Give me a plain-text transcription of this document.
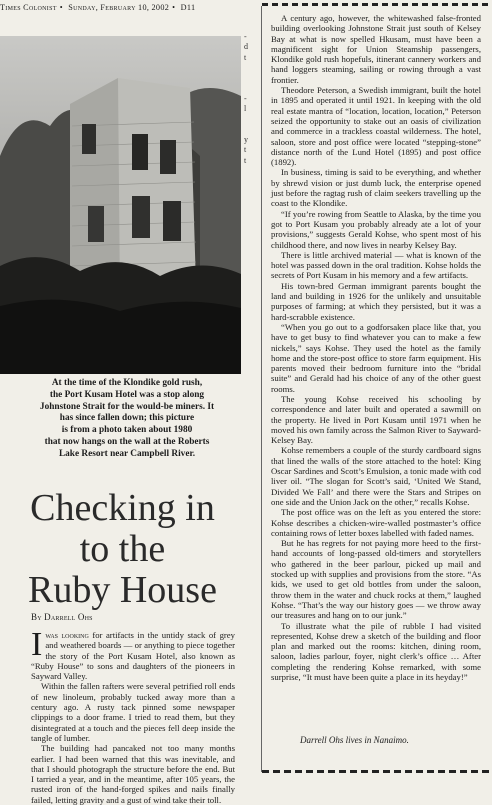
Times Colonist • Sunday, February 10, 2002 • D11
At the time of the Klondike gold rush,
the Port Kusam Hotel was a stop along
Johnstone Strait for the would-be miners. It
has since fallen down; this picture
is from a photo taken about 1980
that now hangs on the wall at the Roberts
Lake Resort near Campbell River.
Checking in
to the
Ruby House
By Darrell Ohs

Iwas looking for artifacts in the untidy stack of grey and weathered boards — or anything to piece together the story of the Port Kusam Hotel, also known as “Ruby House” to sons and daughters of the pioneers in Sayward Valley.

Within the fallen rafters were several petrified roll ends of new linoleum, probably tucked away more than a century ago. A rusty tack pinned some newspaper clippings to a door frame. I tried to read them, but they disintegrated at a touch and the pieces fell deep inside the tangle of lumber.

The building had pancaked not too many months earlier. I had been warned that this was inevitable, and that I should photograph the structure before the end. But I tarried a year, and in the meantime, after 105 years, the rusted iron of the hand-forged spikes and nails finally failed, letting gravity and a gust of wind take their toll.

-
d
t
-
l
y
t
t

A century ago, however, the whitewashed false-fronted building overlooking Johnstone Strait just south of Kelsey Bay at what is now spelled Hkusam, must have been a magnificent sight for Union Steamship passengers, Klondike gold rush hopefuls, itinerant cannery workers and hand loggers steaming, sailing or rowing through a vast frontier.

Theodore Peterson, a Swedish immigrant, built the hotel in 1895 and operated it until 1921. In keeping with the old real estate mantra of “location, location, location,” Peterson seized the opportunity to stake out an oasis of civilization and commerce in a trackless coastal wilderness. The hotel, saloon, store and post office were located “stepping-stone” distance north of the Lund Hotel (1895) and post office (1892).

In business, timing is said to be everything, and whether by shrewd vision or just dumb luck, the enterprise opened just before the ragtag rush of claim seekers travelling up the coast to the Klondike.

“If you’re rowing from Seattle to Alaska, by the time you got to Port Kusam you probably already ate a lot of your provisions,” suggests Gerald Kohse, who spent most of his childhood there, and now lives in nearby Kelsey Bay.

There is little archived material — what is known of the hotel was passed down in the oral tradition. Kohse holds the secrets of Port Kusam in his memory and a few artifacts.

His town-bred German immigrant parents bought the land and building in 1926 for the unlikely and unsuitable purposes of farming; at which they persisted, but it was a hard-scrabble existence.

“When you go out to a godforsaken place like that, you have to get busy to find whatever you can to make a few nickels,” says Kohse. They used the hotel as the family home and the store-post office to store farm equipment. His parents moved their bedroom furniture into the “bridal suite” and Gerald had his choice of any of the other guest rooms.

The young Kohse received his schooling by correspondence and later built and operated a sawmill on the property. He lived in Port Kusam until 1971 when he moved his own family across the Salmon River to Sayward-Kelsey Bay.

Kohse remembers a couple of the sturdy cardboard signs that lined the walls of the store attached to the hotel: King Oscar Sardines and Scott’s Emulsion, a tonic made with cod liver oil. “The slogan for Scott’s said, ‘United We Stand, Divided We Fall’ and there were the Stars and Stripes on one side and the Union Jack on the other,” recalls Kohse.

The post office was on the left as you entered the store: Kohse describes a chicken-wire-walled postmaster’s office containing rows of letter boxes labelled with faded names.

But he has regrets for not paying more heed to the first-hand accounts of long-passed old-timers and storytellers who gathered in the beer parlour, picked up mail and stocked up with supplies and provisions from the store. “As kids, we used to get old bottles from under the saloon, throw them in the water and chuck rocks at them,” laughed Kohse. “That’s the way our history goes — we throw away our treasures and hang on to our junk.”

To illustrate what the pile of rubble I had visited represented, Kohse drew a sketch of the building and floor plan and marked out the rooms: kitchen, dining room, saloon, ladies parlour, foyer, night clerk’s office … After completing the rendering Kohse remarked, with some surprise, “It must have been quite a place in its heyday!”

Darrell Ohs lives in Nanaimo.
